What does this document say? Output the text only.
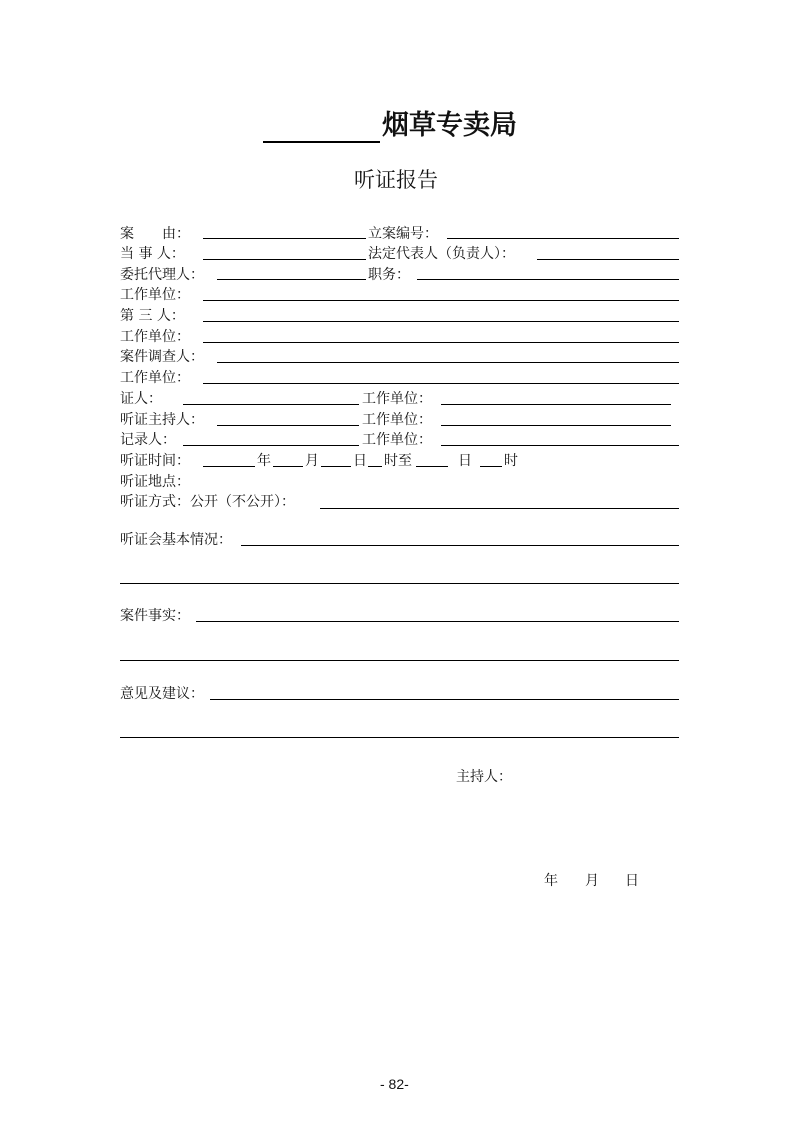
烟草专卖局
听证报告
案　　由：	立案编号：
当 事 人：	法定代表人（负责人）：
委托代理人：	职务：
工作单位：
第 三 人：
工作单位：
案件调查人：
工作单位：
证人：	工作单位：
听证主持人：	工作单位：
记录人：	工作单位：
听证时间：	年 月 日 时至	日 时
听证地点：
听证方式：公开（不公开）：
听证会基本情况：
案件事实：
意见及建议：
主持人：
年 月 日
- 82-
